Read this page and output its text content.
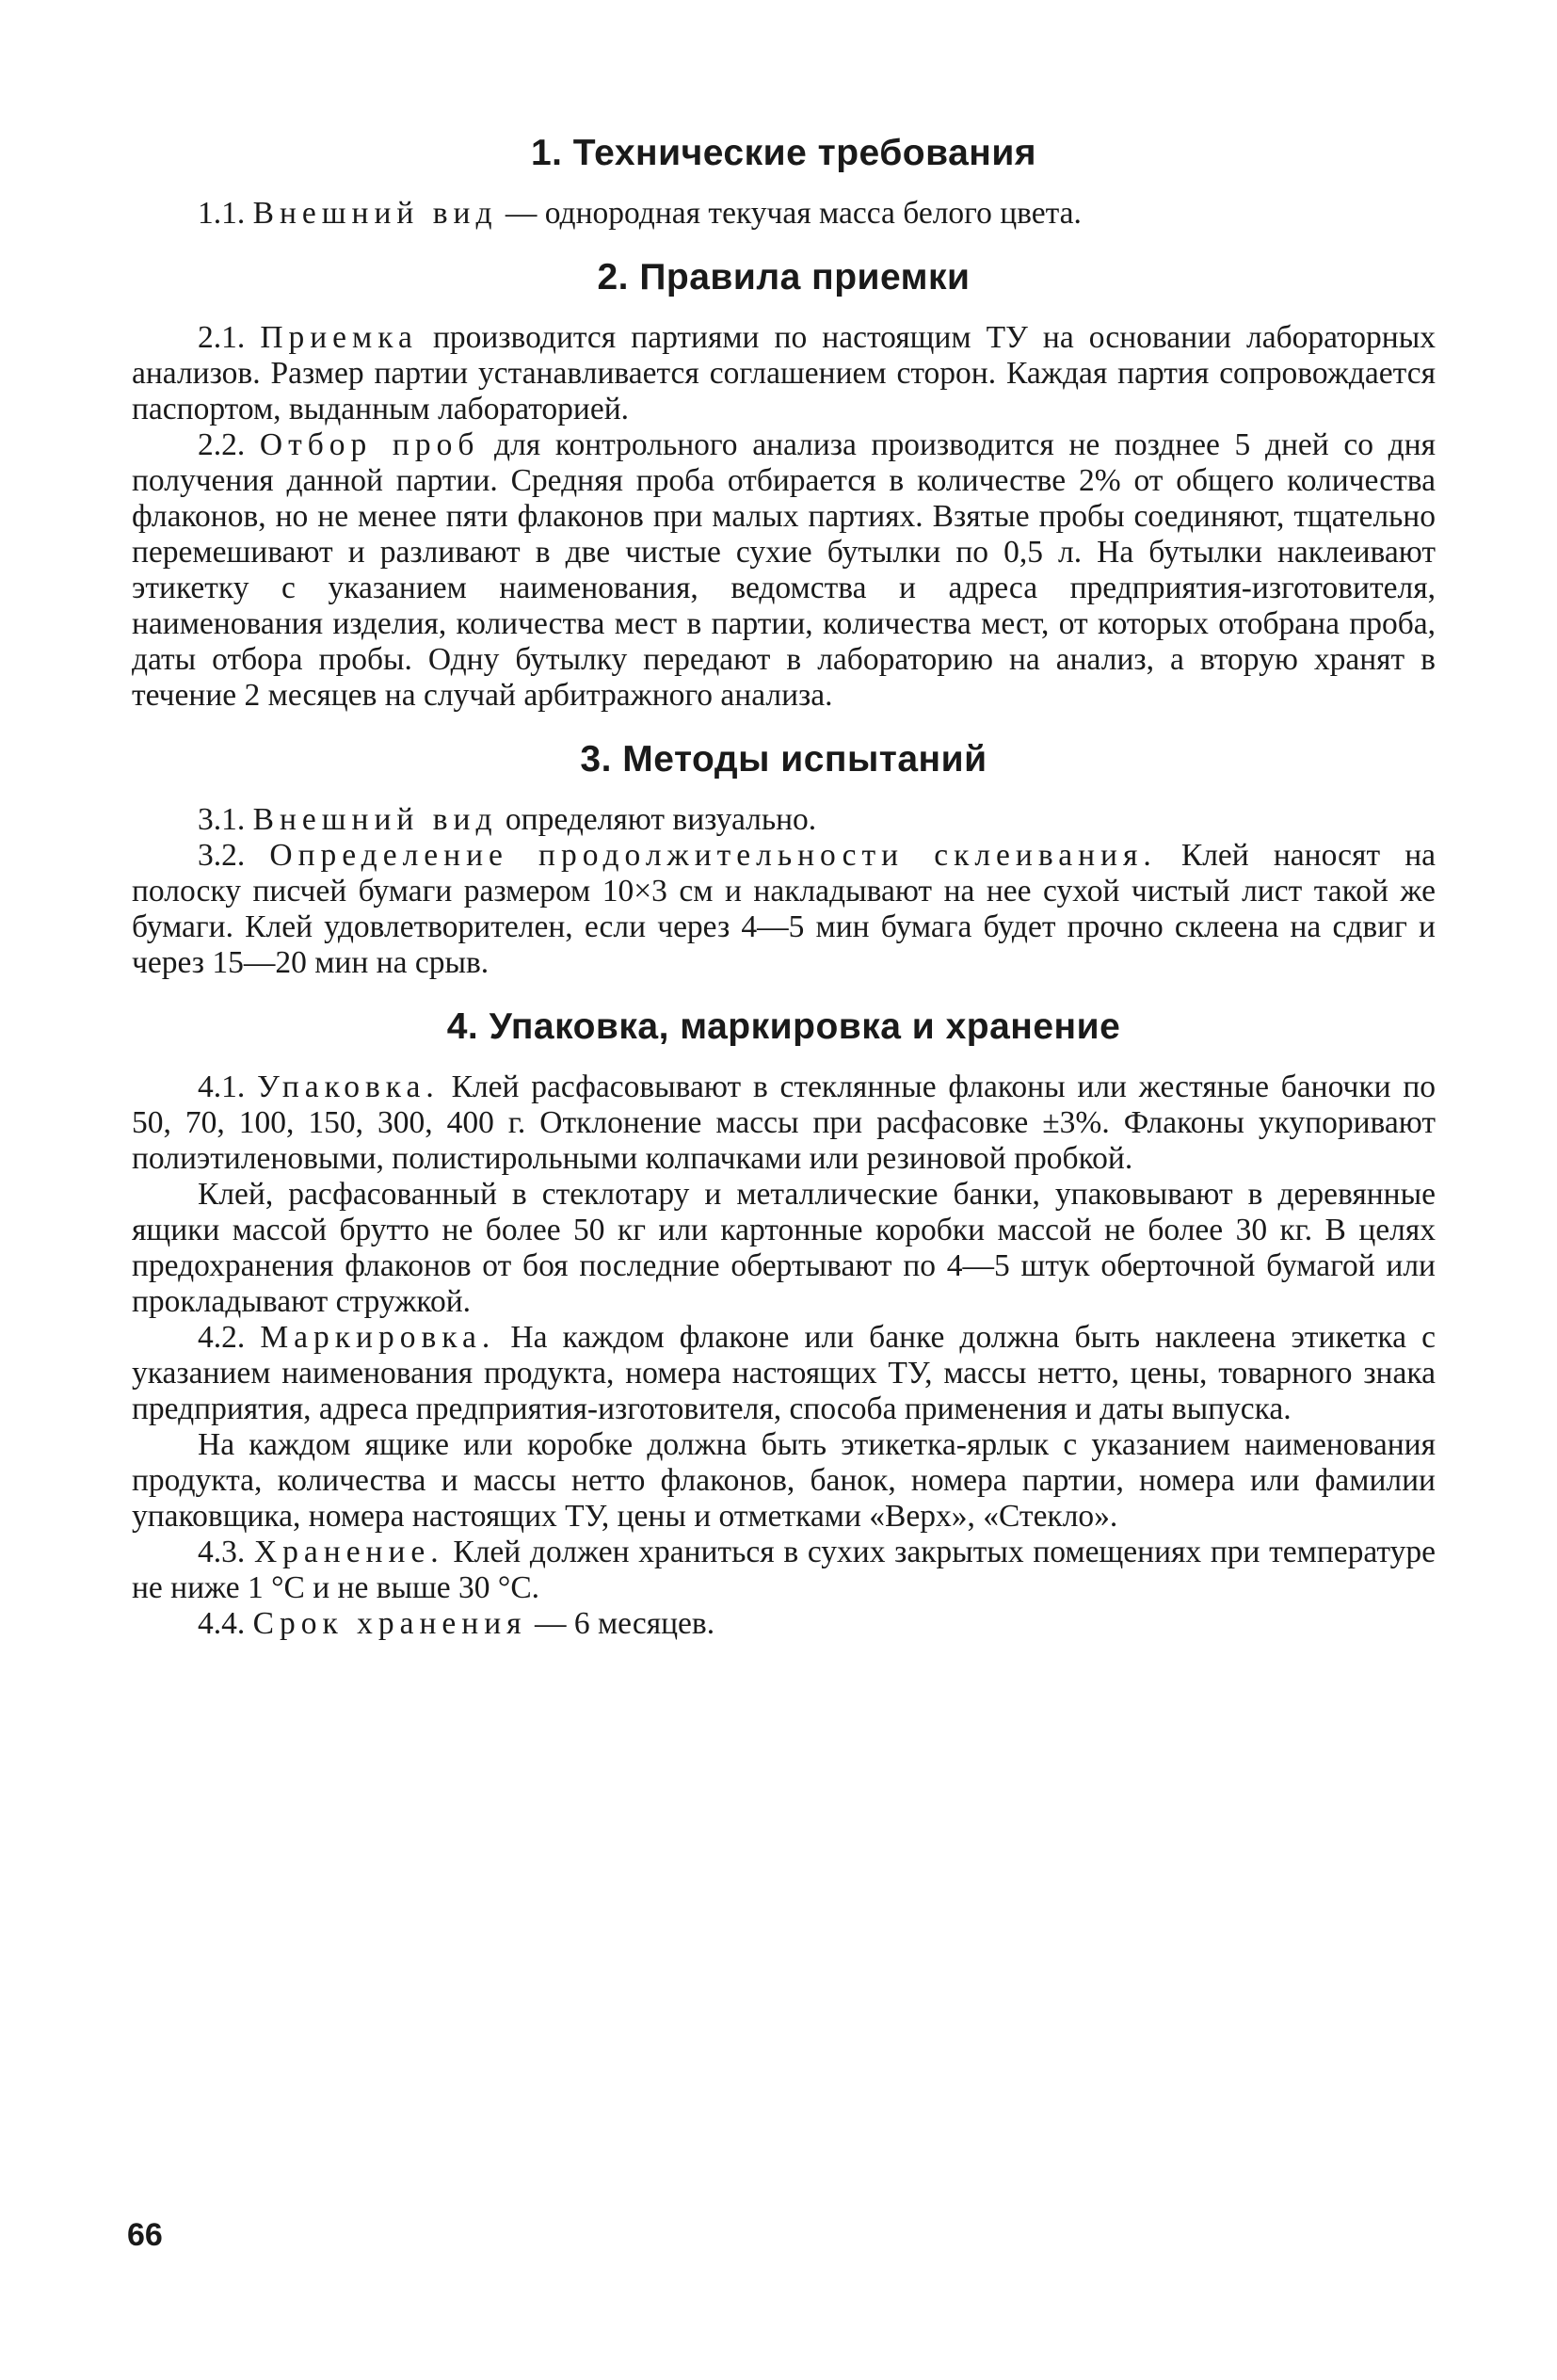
1. Технические требования

1.1. Внешний вид — однородная текучая масса белого цвета.

2. Правила приемки

2.1. Приемка производится партиями по настоящим ТУ на основании лабораторных анализов. Размер партии устанавливается соглашением сторон. Каждая партия сопровождается паспортом, выданным лабораторией.

2.2. Отбор проб для контрольного анализа производится не позднее 5 дней со дня получения данной партии. Средняя проба отбирается в количестве 2% от общего количества флаконов, но не менее пяти флаконов при малых партиях. Взятые пробы соединяют, тщательно перемешивают и разливают в две чистые сухие бутылки по 0,5 л. На бутылки наклеивают этикетку с указанием наименования, ведомства и адреса предприятия-изготовителя, наименования изделия, количества мест в партии, количества мест, от которых отобрана проба, даты отбора пробы. Одну бутылку передают в лабораторию на анализ, а вторую хранят в течение 2 месяцев на случай арбитражного анализа.

3. Методы испытаний

3.1. Внешний вид определяют визуально.

3.2. Определение продолжительности склеивания. Клей наносят на полоску писчей бумаги размером 10×3 см и накладывают на нее сухой чистый лист такой же бумаги. Клей удовлетворителен, если через 4—5 мин бумага будет прочно склеена на сдвиг и через 15—20 мин на срыв.

4. Упаковка, маркировка и хранение

4.1. Упаковка. Клей расфасовывают в стеклянные флаконы или жестяные баночки по 50, 70, 100, 150, 300, 400 г. Отклонение массы при расфасовке ±3%. Флаконы укупоривают полиэтиленовыми, полистирольными колпачками или резиновой пробкой.

Клей, расфасованный в стеклотару и металлические банки, упаковывают в деревянные ящики массой брутто не более 50 кг или картонные коробки массой не более 30 кг. В целях предохранения флаконов от боя последние обертывают по 4—5 штук оберточной бумагой или прокладывают стружкой.

4.2. Маркировка. На каждом флаконе или банке должна быть наклеена этикетка с указанием наименования продукта, номера настоящих ТУ, массы нетто, цены, товарного знака предприятия, адреса предприятия-изготовителя, способа применения и даты выпуска.

На каждом ящике или коробке должна быть этикетка-ярлык с указанием наименования продукта, количества и массы нетто флаконов, банок, номера партии, номера или фамилии упаковщика, номера настоящих ТУ, цены и отметками «Верх», «Стекло».

4.3. Хранение. Клей должен храниться в сухих закрытых помещениях при температуре не ниже 1 °С и не выше 30 °С.

4.4. Срок хранения — 6 месяцев.

66
